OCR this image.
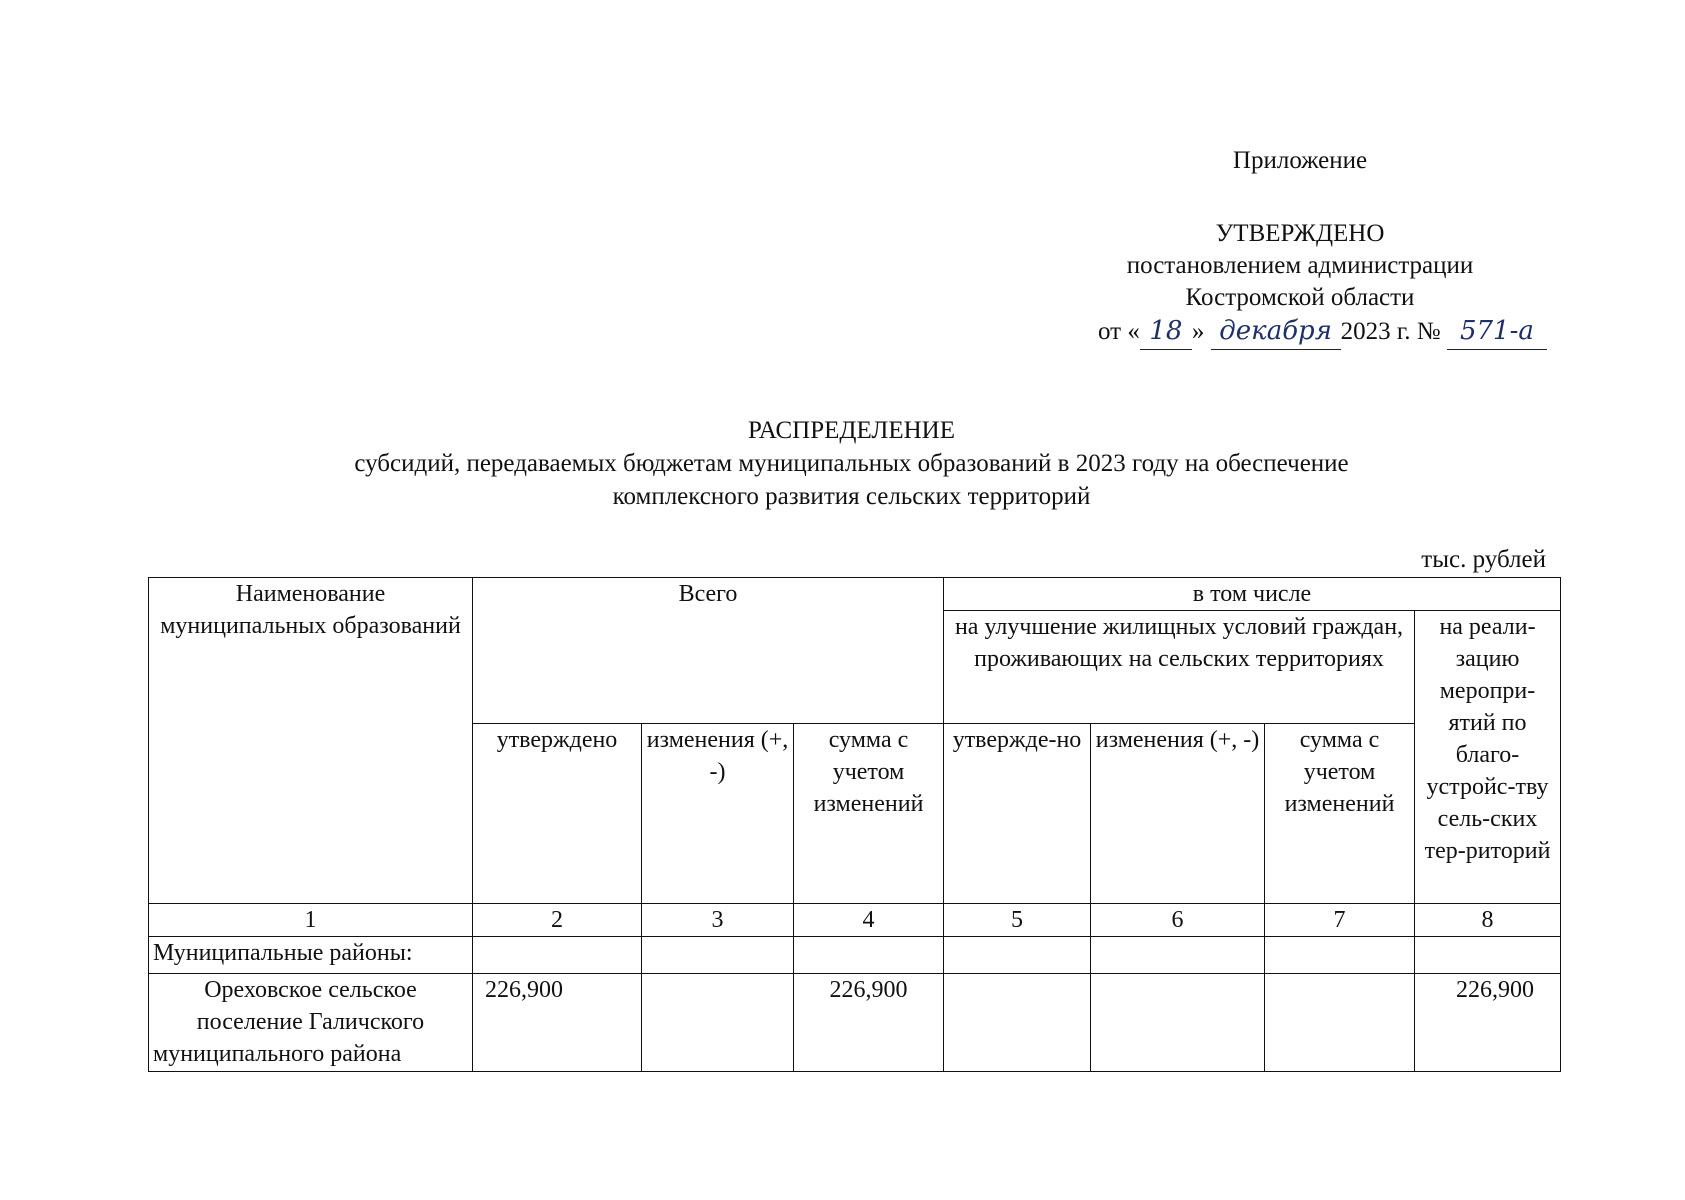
Приложение
УТВЕРЖДЕНО
постановлением администрации
Костромской области
от « 18 » декабря 2023 г. № 571-а
РАСПРЕДЕЛЕНИЕ
субсидий, передаваемых бюджетам муниципальных образований в 2023 году на обеспечение
комплексного развития сельских территорий
тыс. рублей
Наименование муниципальных образований	Всего			в том числе			
				на улучшение жилищных условий граждан, проживающих на сельских территориях			на реали-зацию меропри-ятий по благо-устройс-тву сель-ских тер-риторий
	утверждено	изменения (+, -)	сумма с учетом изменений	утвержде-но	изменения (+, -)	сумма с учетом изменений	
1	2	3	4	5	6	7	8
Муниципальные районы:							
Ореховское сельское поселение Галичского муниципального района	226,900		226,900				226,900
